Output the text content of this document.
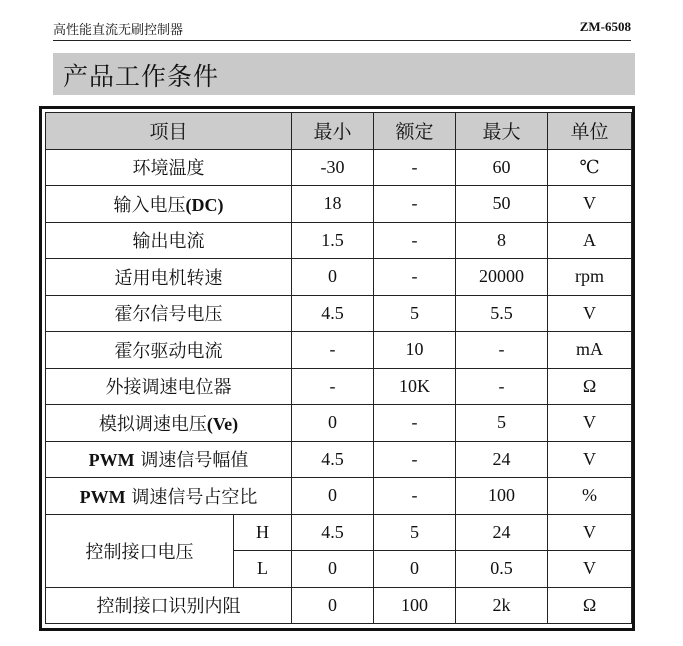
高性能直流无刷控制器	ZM-6508
产品工作条件
项目		最小	额定	最大	单位
环境温度		-30	-	60	℃
输入电压(DC)		18	-	50	V
输出电流		1.5	-	8	A
适用电机转速		0	-	20000	rpm
霍尔信号电压		4.5	5	5.5	V
霍尔驱动电流		-	10	-	mA
外接调速电位器		-	10K	-	Ω
模拟调速电压(Ve)		0	-	5	V
PWM 调速信号幅值		4.5	-	24	V
PWM 调速信号占空比		0	-	100	%
控制接口电压	H	4.5	5	24	V
	L	0	0	0.5	V
控制接口识别内阻		0	100	2k	Ω
